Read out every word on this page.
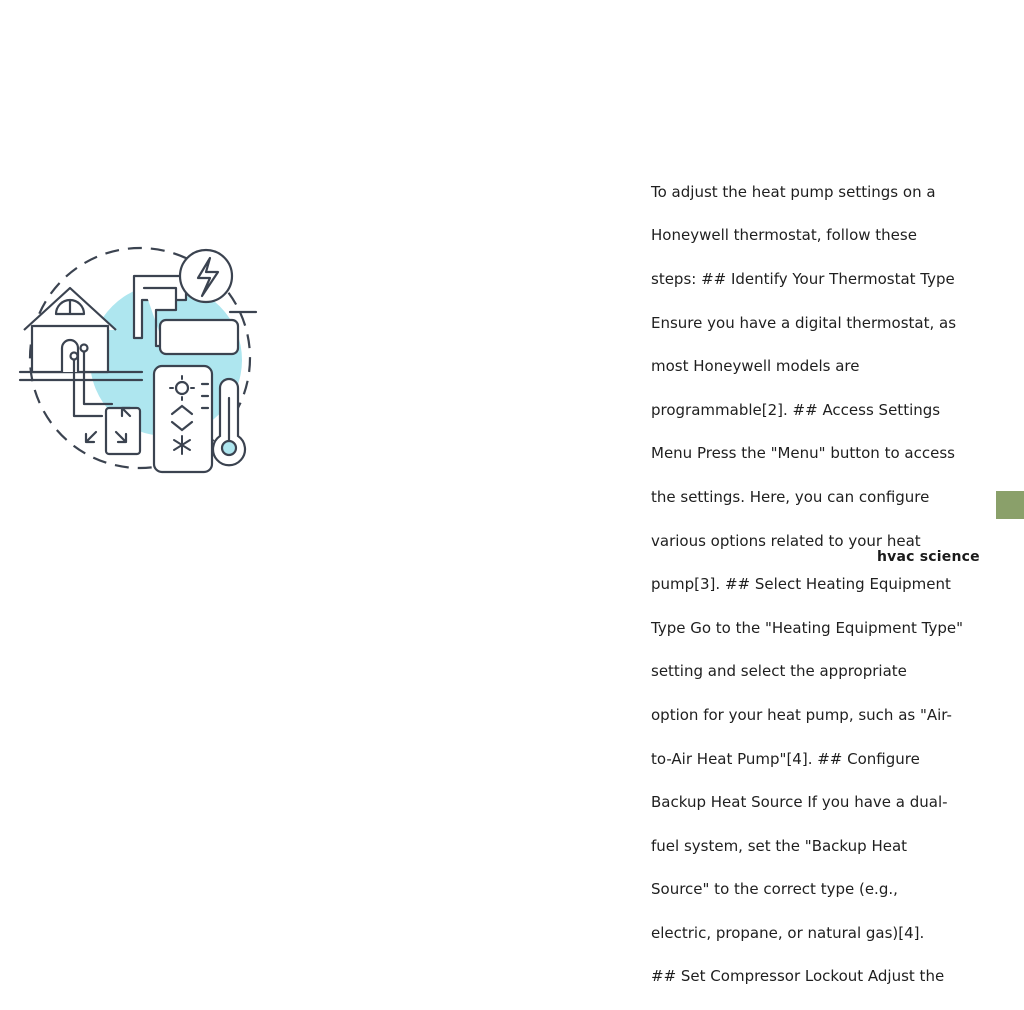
To adjust the heat pump settings on a

Honeywell thermostat, follow these

steps: ## Identify Your Thermostat Type

Ensure you have a digital thermostat, as

most Honeywell models are

programmable[2]. ## Access Settings

Menu Press the "Menu" button to access

the settings. Here, you can configure

various options related to your heat

pump[3]. ## Select Heating Equipment

Type Go to the "Heating Equipment Type"

setting and select the appropriate

option for your heat pump, such as "Air-

to-Air Heat Pump"[4]. ## Configure

Backup Heat Source If you have a dual-

fuel system, set the "Backup Heat

Source" to the correct type (e.g.,

electric, propane, or natural gas)[4].

## Set Compressor Lockout Adjust the

hvac science
